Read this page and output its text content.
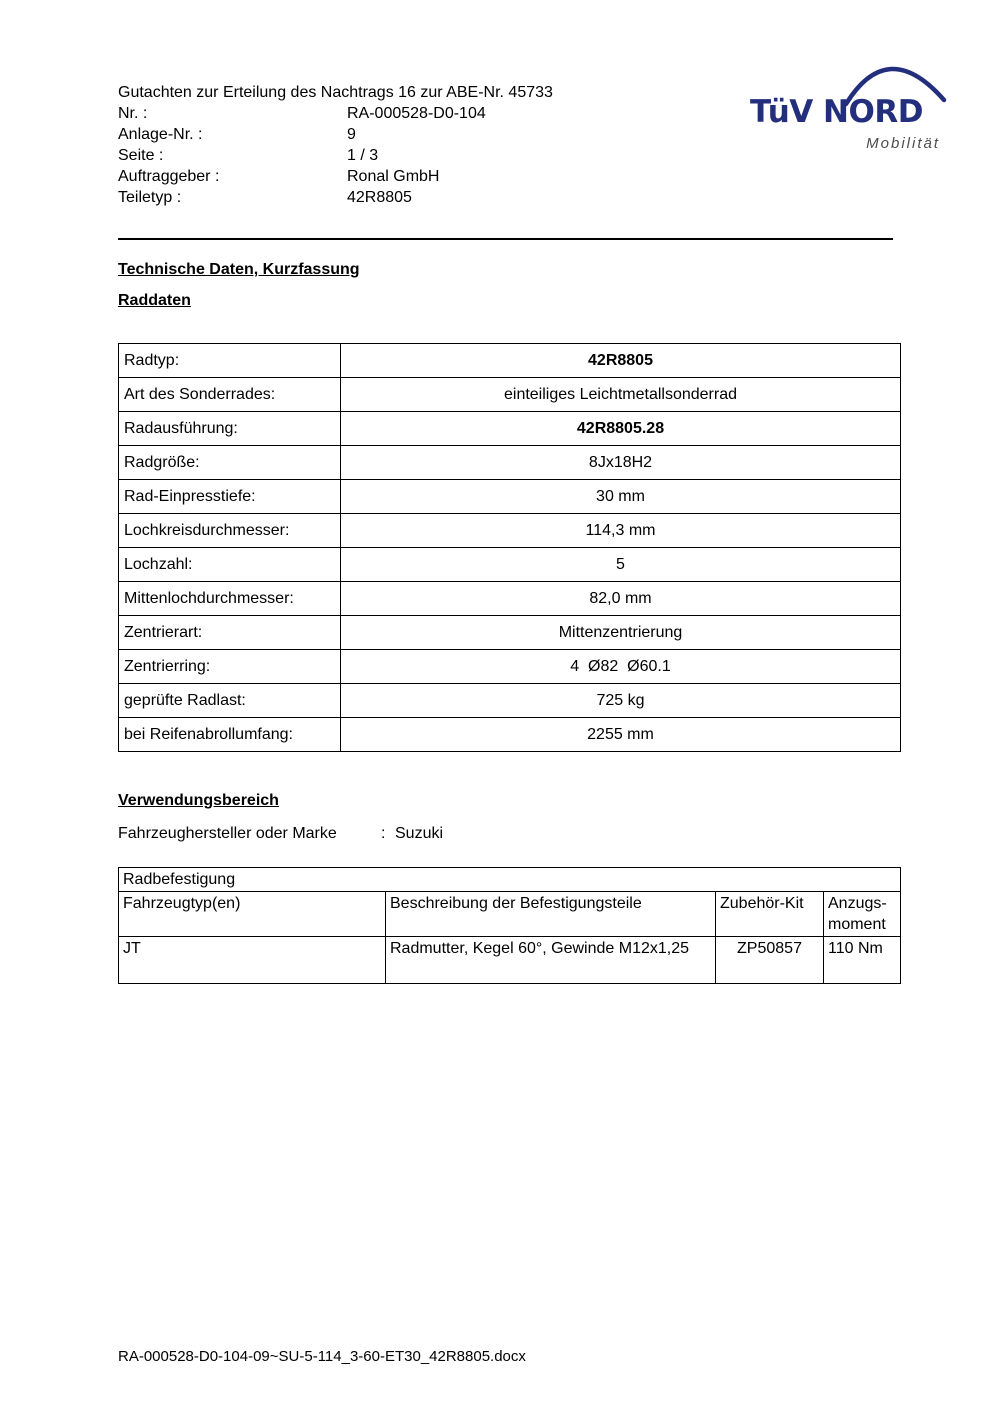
TüV NORD
Mobilität
Gutachten zur Erteilung des Nachtrags 16 zur ABE-Nr. 45733
Nr. :	RA-000528-D0-104
Anlage-Nr. :	9
Seite :	1 / 3
Auftraggeber :	Ronal GmbH
Teiletyp :	42R8805
Technische Daten, Kurzfassung
Raddaten
Radtyp:	42R8805
Art des Sonderrades:	einteiliges Leichtmetallsonderrad
Radausführung:	42R8805.28
Radgröße:	8Jx18H2
Rad-Einpresstiefe:	30 mm
Lochkreisdurchmesser:	114,3 mm
Lochzahl:	5
Mittenlochdurchmesser:	82,0 mm
Zentrierart:	Mittenzentrierung
Zentrierring:	4  Ø82  Ø60.1
geprüfte Radlast:	725 kg
bei Reifenabrollumfang:	2255 mm
Verwendungsbereich
Fahrzeughersteller oder Marke	: Suzuki
Radbefestigung			
Fahrzeugtyp(en)	Beschreibung der Befestigungsteile	Zubehör-Kit	Anzugs-moment
JT	Radmutter, Kegel 60°, Gewinde M12x1,25	ZP50857	110 Nm
RA-000528-D0-104-09~SU-5-114_3-60-ET30_42R8805.docx
